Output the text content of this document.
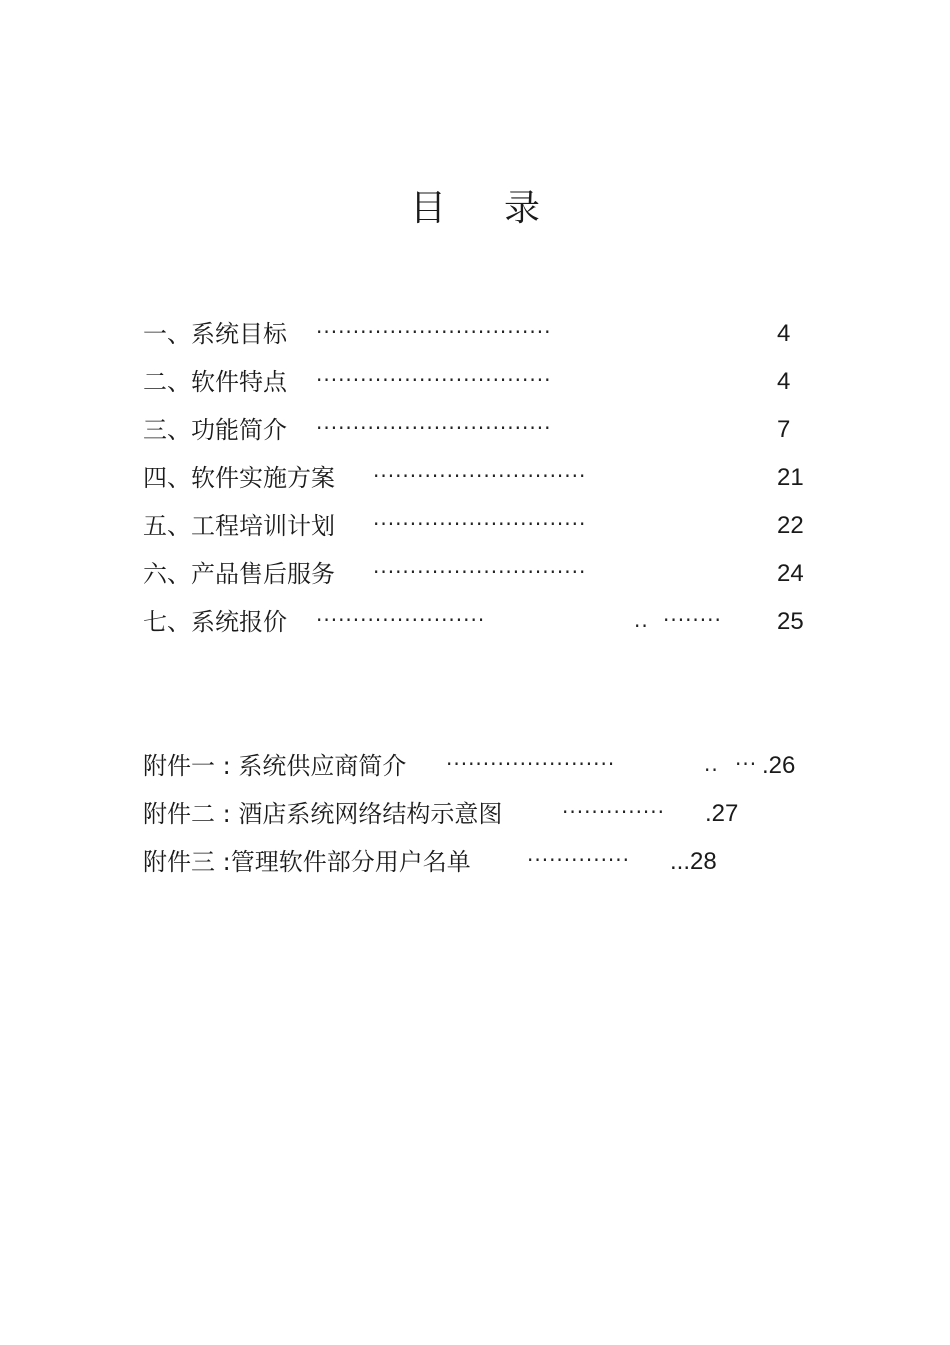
目 录
一、系统目标 ································	4
二、软件特点 ································	4
三、功能简介 ································	7
四、软件实施方案 ·····························	21
五、工程培训计划 ·····························	22
六、产品售后服务 ·····························	24
七、系统报价 ·······················	.. ········ 25
附件一 : 系统供应商简介 ·······················	.. ··· .26
附件二 : 酒店系统网络结构示意图	·············· .27
附件三 :管理软件部分用户名单	·············· ...28
